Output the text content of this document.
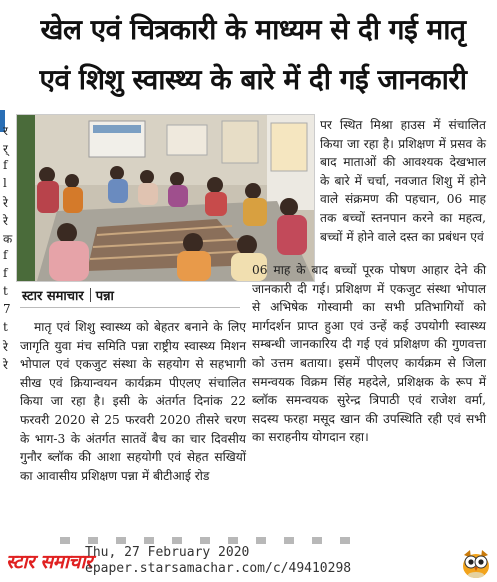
खेल एवं चित्रकारी के माध्यम से दी गई मातृ
एवं शिशु स्वास्थ्य के बारे में दी गई जानकारी
र
र्
f
l
रे
रे
क
f
f
t
7
t
रे
रे
स्टार समाचार पन्ना

मातृ एवं शिशु स्वास्थ्य को बेहतर बनाने के लिए जागृति युवा मंच समिति पन्ना राष्ट्रीय स्वास्थ्य मिशन भोपाल एवं एकजुट संस्था के सहयोग से सहभागी सीख एवं क्रियान्वयन कार्यक्रम पीएलए संचालित किया जा रहा है। इसी के अंतर्गत दिनांक 22 फरवरी 2020 से 25 फरवरी 2020 तीसरे चरण के भाग-3 के अंतर्गत सातवें बैच का चार दिवसीय गुनौर ब्लॉक की आशा सहयोगी एवं सेहत सखियों का आवासीय प्रशिक्षण पन्ना में बीटीआई रोड

पर स्थित मिश्रा हाउस में संचालित किया जा रहा है। प्रशिक्षण में प्रसव के बाद माताओं की आवश्यक देखभाल के बारे में चर्चा, नवजात शिशु में होने वाले संक्रमण की पहचान, 06 माह तक बच्चों स्तनपान करने का महत्व, बच्चों में होने वाले दस्त का प्रबंधन एवं

06 माह के बाद बच्चों पूरक पोषण आहार देने की जानकारी दी गई। प्रशिक्षण में एकजुट संस्था भोपाल से अभिषेक गोस्वामी का सभी प्रतिभागियों को मार्गदर्शन प्राप्त हुआ एवं उन्हें कई उपयोगी स्वास्थ्य सम्बन्धी जानकारिय दी गई एवं प्रशिक्षण की गुणवत्ता को उत्तम बताया। इसमें पीएलए कार्यक्रम से जिला समन्वयक विक्रम सिंह महदेले, प्रशिक्षक के रूप में ब्लॉक समन्वयक सुरेन्द्र त्रिपाठी एवं राजेश वर्मा, सदस्य फरहा मसूद खान की उपस्थिति रही एवं सभी का सराहनीय योगदान रहा।

स्टार समाचार
Thu, 27 February 2020
epaper.starsamachar.com/c/49410298
